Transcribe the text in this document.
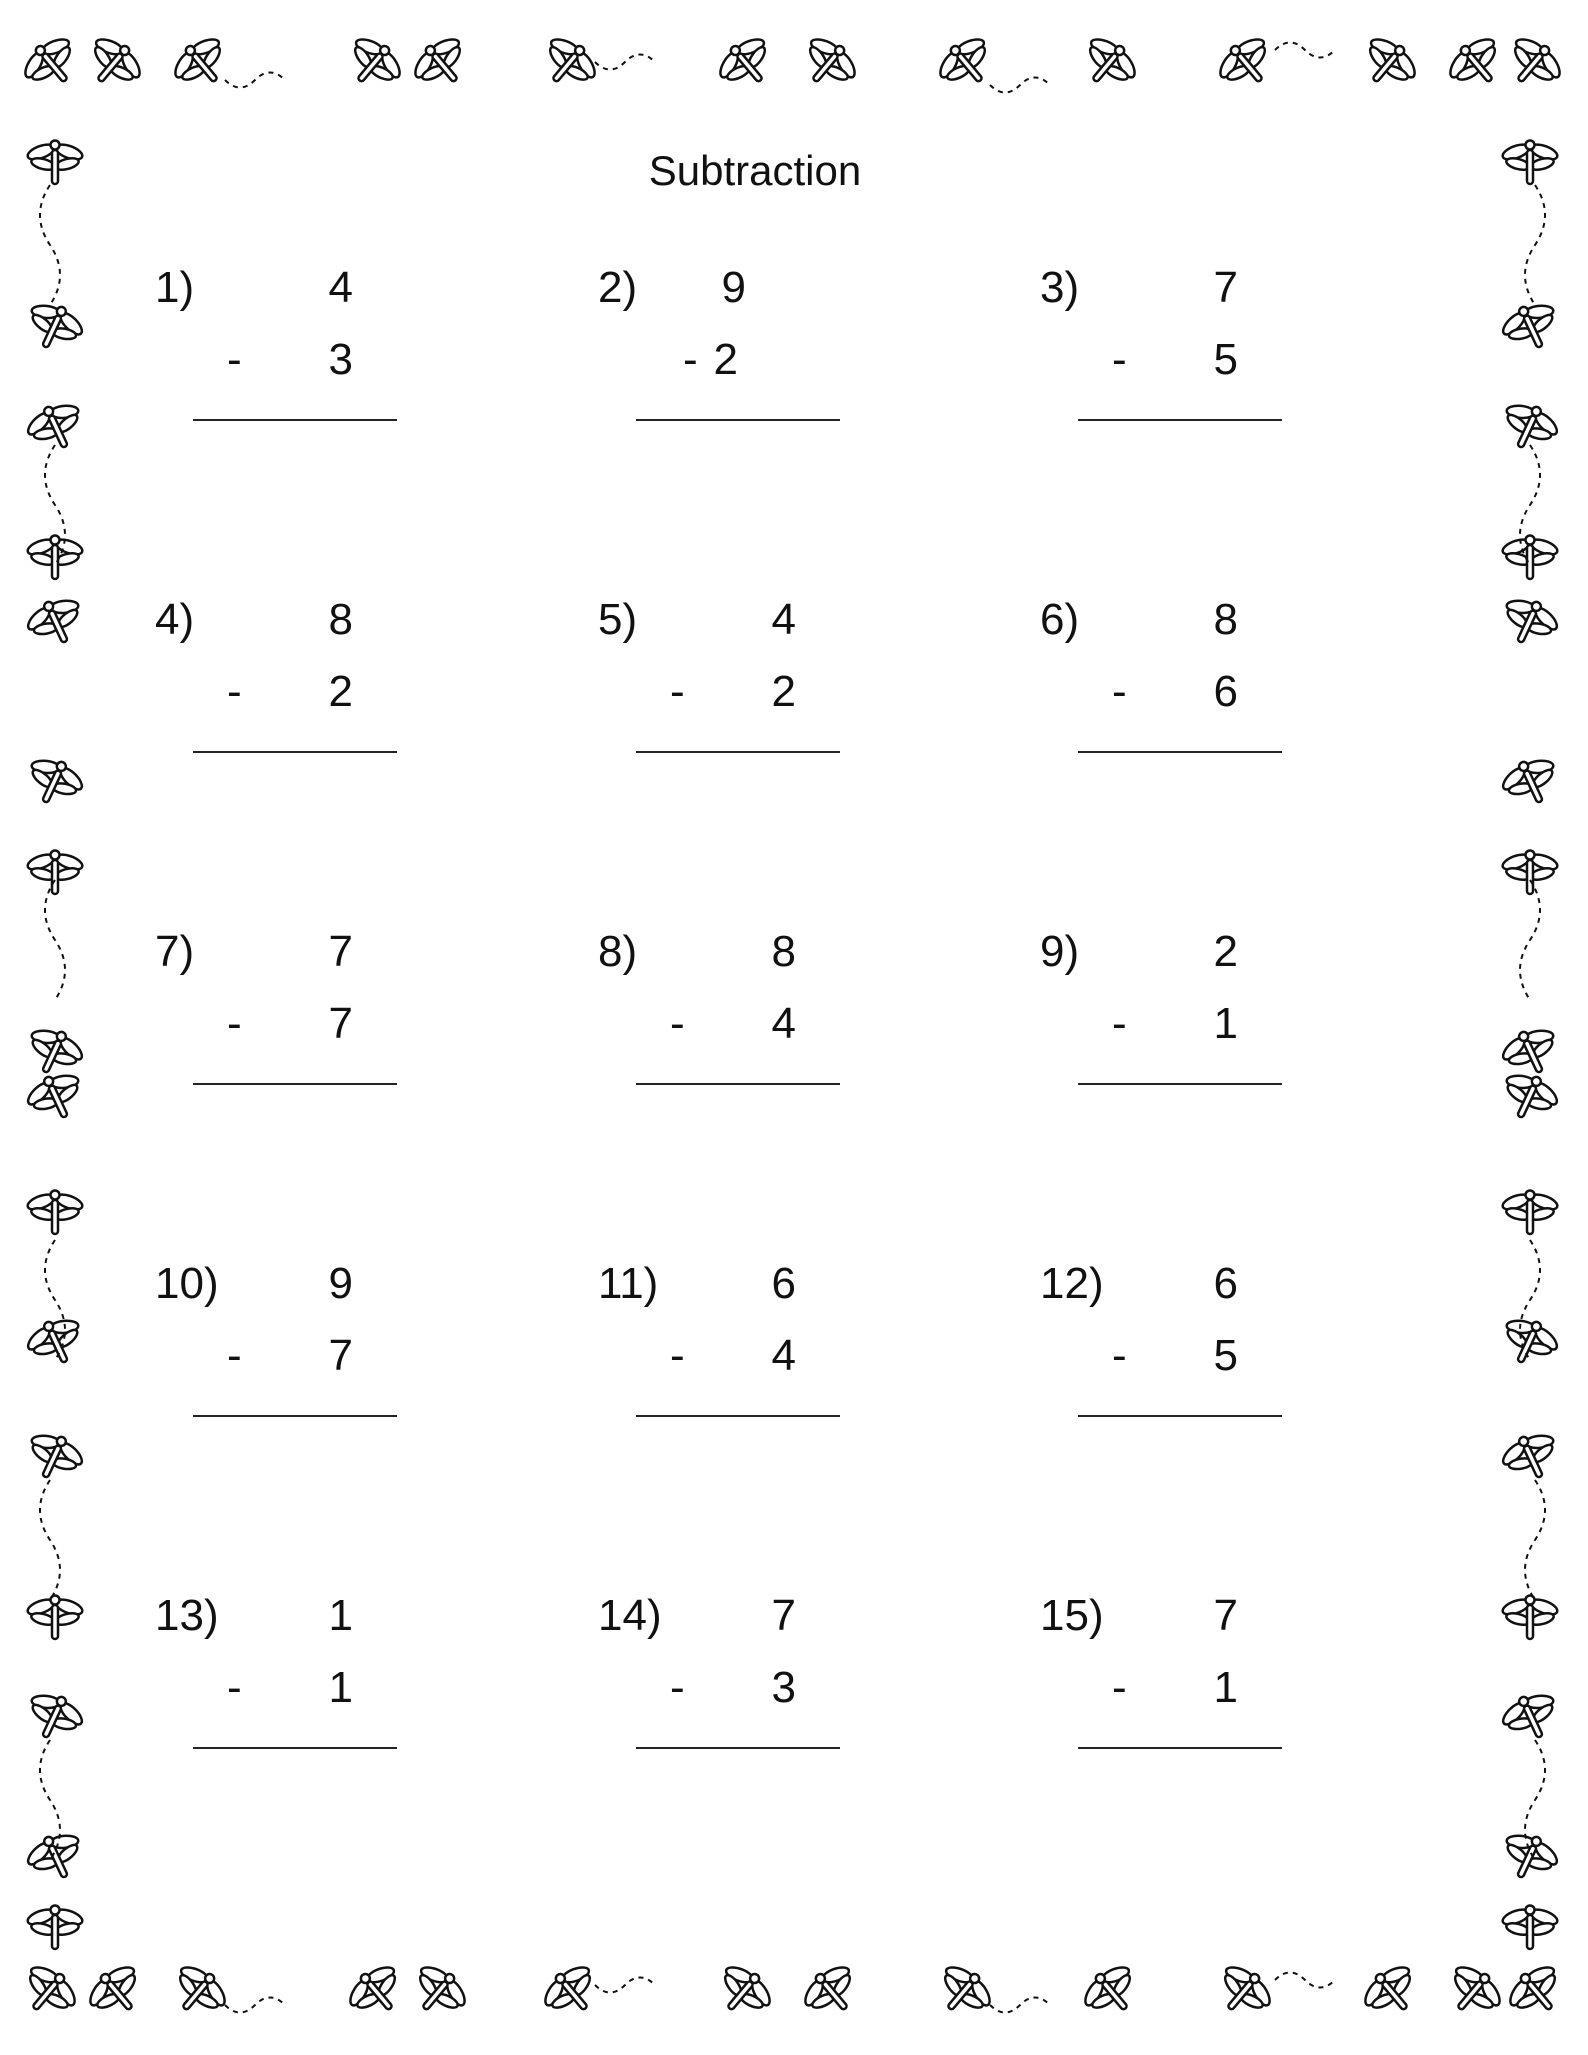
Subtraction
1)	4
- 3
2) 9
- 2
3)	7
- 5
4)	8
- 2
5)	4
- 2
6)	8
- 6
7)	7
- 7
8)	8
- 4
9)	2
- 1
10) 9
- 7
11)	6
- 4
12) 6
- 5
13) 1
- 1
14) 7
- 3
15) 7
- 1
